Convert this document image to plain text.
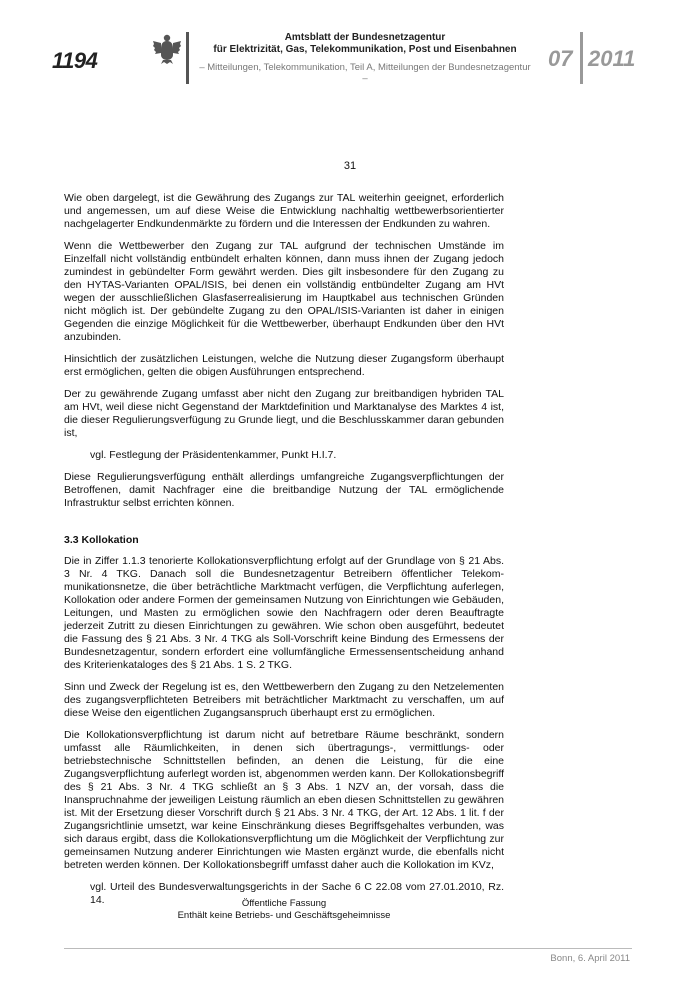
1194
Amtsblatt der Bundesnetzagentur
für Elektrizität, Gas, Telekommunikation, Post und Eisenbahnen
– Mitteilungen, Telekommunikation, Teil A, Mitteilungen der Bundesnetzagentur –
07 2011
31

Wie oben dargelegt, ist die Gewährung des Zugangs zur TAL weiterhin geeignet, erforderlich und angemessen, um auf diese Weise die Entwicklung nachhaltig wettbewerbsorientierter nachgelagerter Endkundenmärkte zu fördern und die Interessen der Endkunden zu wahren.

Wenn die Wettbewerber den Zugang zur TAL aufgrund der technischen Umstände im Einzelfall nicht vollständig entbündelt erhalten können, dann muss ihnen der Zugang jedoch zumindest in gebündelter Form gewährt werden. Dies gilt insbesondere für den Zugang zu den HYTAS-Varianten OPAL/ISIS, bei denen ein vollständig entbündelter Zugang am HVt wegen der ausschließlichen Glasfaserrealisierung im Hauptkabel aus technischen Gründen nicht möglich ist. Der gebündelte Zugang zu den OPAL/ISIS-Varianten ist daher in einigen Gegenden die einzige Möglichkeit für die Wettbewerber, überhaupt Endkunden über den HVt anzubinden.

Hinsichtlich der zusätzlichen Leistungen, welche die Nutzung dieser Zugangsform überhaupt erst ermöglichen, gelten die obigen Ausführungen entsprechend.

Der zu gewährende Zugang umfasst aber nicht den Zugang zur breitbandigen hybriden TAL am HVt, weil diese nicht Gegenstand der Marktdefinition und Marktanalyse des Marktes 4 ist, die dieser Regulierungsverfügung zu Grunde liegt, und die Beschlusskammer daran gebunden ist,

vgl. Festlegung der Präsidentenkammer, Punkt H.I.7.

Diese Regulierungsverfügung enthält allerdings umfangreiche Zugangsverpflichtungen der Betroffenen, damit Nachfrager eine die breitbandige Nutzung der TAL ermöglichende Infrastruktur selbst errichten können.

3.3 Kollokation

Die in Ziffer 1.1.3 tenorierte Kollokationsverpflichtung erfolgt auf der Grundlage von § 21 Abs. 3 Nr. 4 TKG. Danach soll die Bundesnetzagentur Betreibern öffentlicher Telekom-munikationsnetze, die über beträchtliche Marktmacht verfügen, die Verpflichtung auferlegen, Kollokation oder andere Formen der gemeinsamen Nutzung von Einrichtungen wie Gebäuden, Leitungen, und Masten zu ermöglichen sowie den Nachfragern oder deren Beauftragte jederzeit Zutritt zu diesen Einrichtungen zu gewähren. Wie schon oben ausgeführt, bedeutet die Fassung des § 21 Abs. 3 Nr. 4 TKG als Soll-Vorschrift keine Bindung des Ermessens der Bundesnetzagentur, sondern erfordert eine vollumfängliche Ermessensentscheidung anhand des Kriterienkataloges des § 21 Abs. 1 S. 2 TKG.

Sinn und Zweck der Regelung ist es, den Wettbewerbern den Zugang zu den Netzelementen des zugangsverpflichteten Betreibers mit beträchtlicher Marktmacht zu verschaffen, um auf diese Weise den eigentlichen Zugangsanspruch überhaupt erst zu ermöglichen.

Die Kollokationsverpflichtung ist darum nicht auf betretbare Räume beschränkt, sondern umfasst alle Räumlichkeiten, in denen sich übertragungs-, vermittlungs- oder betriebstechnische Schnittstellen befinden, an denen die Leistung, für die eine Zugangsverpflichtung auferlegt worden ist, abgenommen werden kann. Der Kollokationsbegriff des § 21 Abs. 3 Nr. 4 TKG schließt an § 3 Abs. 1 NZV an, der vorsah, dass die Inanspruchnahme der jeweiligen Leistung räumlich an eben diesen Schnittstellen zu gewähren ist. Mit der Ersetzung dieser Vorschrift durch § 21 Abs. 3 Nr. 4 TKG, der Art. 12 Abs. 1 lit. f der Zugangsrichtlinie umsetzt, war keine Einschränkung dieses Begriffsgehaltes verbunden, was sich daraus ergibt, dass die Kollokationsverpflichtung um die Möglichkeit der Verpflichtung zur gemeinsamen Nutzung anderer Einrichtungen wie Masten ergänzt wurde, die ebenfalls nicht betreten werden können. Der Kollokationsbegriff umfasst daher auch die Kollokation im KVz,

vgl. Urteil des Bundesverwaltungsgerichts in der Sache 6 C 22.08 vom 27.01.2010, Rz. 14.	Öffentliche Fassung
Enthält keine Betriebs- und Geschäftsgeheimnisse
Bonn, 6. April 2011
